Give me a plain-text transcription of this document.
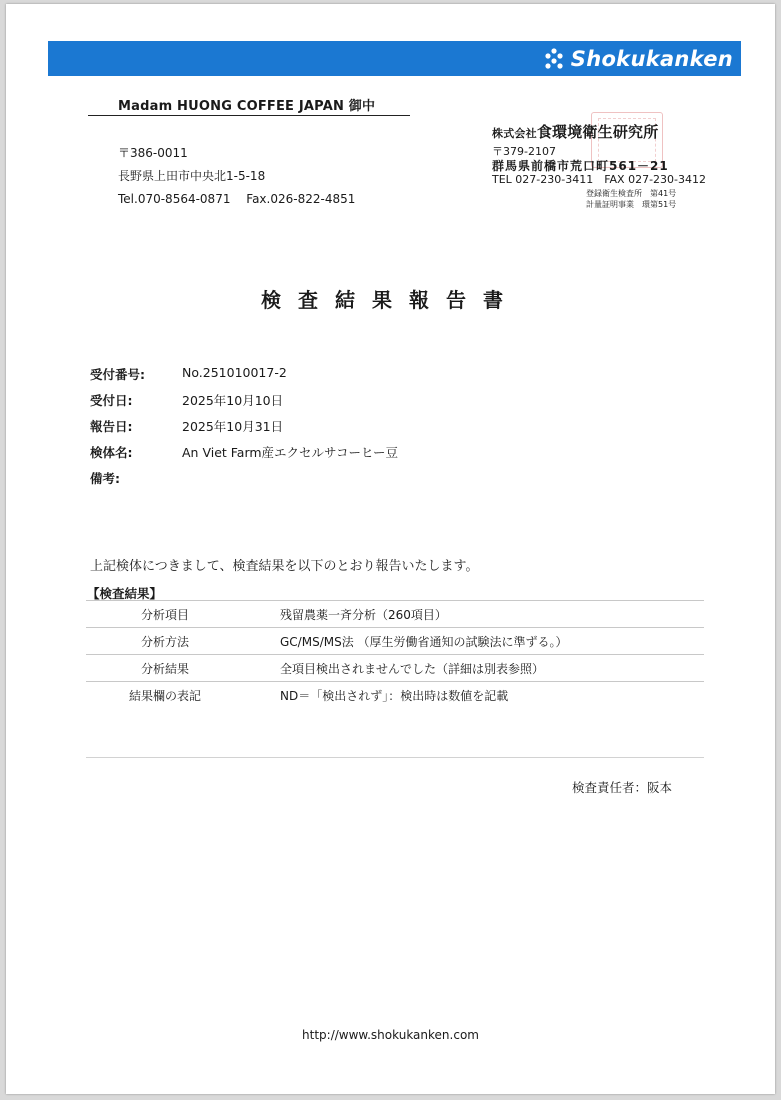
Shokukanken
Madam HUONG COFFEE JAPAN 御中
〒386-0011
長野県上田市中央北1-5-18
Tel.070-8564-0871　 Fax.026-822-4851
株式会社食環境衛生研究所
〒379-2107
群馬県前橋市荒口町561－21
TEL 027-230-3411　FAX 027-230-3412
登録衛生検査所　第41号
計量証明事業　環第51号
検査結果報告書
受付番号:	No.251010017-2
受付日:	2025年10月10日
報告日:	2025年10月31日
検体名:	An Viet Farm産エクセルサコーヒー豆
備考:
上記検体につきまして、検査結果を以下のとおり報告いたします。
【検査結果】
分析項目	残留農薬一斉分析（260項目）
分析方法	GC/MS/MS法 （厚生労働省通知の試験法に準ずる。）
分析結果	全項目検出されませんでした（詳細は別表参照）
結果欄の表記	ND＝「検出されず」：検出時は数値を記載
検査責任者：阪本
http://www.shokukanken.com
